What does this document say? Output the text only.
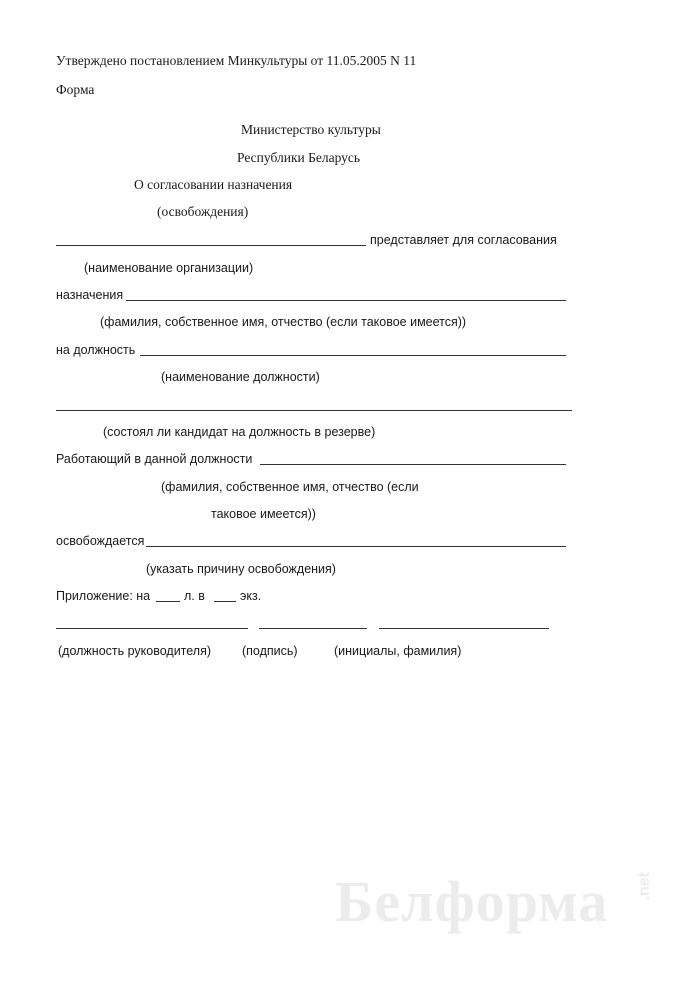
Утверждено постановлением Минкультуры от 11.05.2005 N 11
Форма
Министерство культуры
Республики Беларусь
О согласовании назначения
(освобождения)
представляет для согласования
(наименование организации)
назначения
(фамилия, собственное имя, отчество (если таковое имеется))
на должность
(наименование должности)
(состоял ли кандидат на должность в резерве)
Работающий в данной должности
(фамилия, собственное имя, отчество (если
таковое имеется))
освобождается
(указать причину освобождения)
Приложение: на	л. в	экз.
(должность руководителя) (подпись)	(инициалы, фамилия)
Белформа .net
